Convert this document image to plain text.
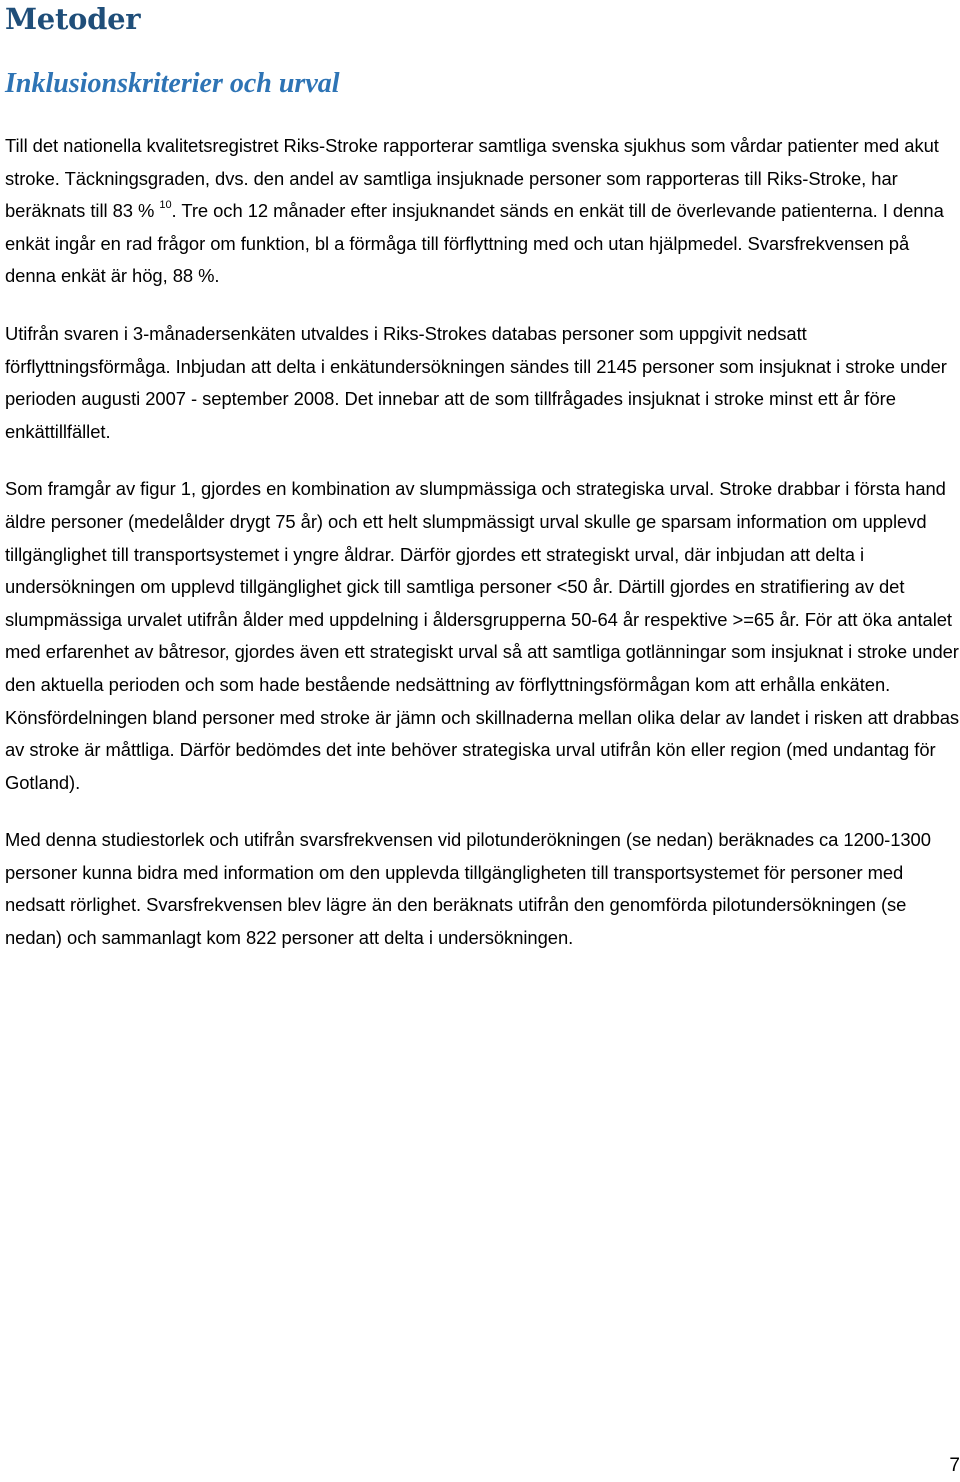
Metoder
Inklusionskriterier och urval

Till det nationella kvalitetsregistret Riks-Stroke rapporterar samtliga svenska sjukhus som vårdar patienter med akut stroke. Täckningsgraden, dvs. den andel av samtliga insjuknade personer som rapporteras till Riks-Stroke, har beräknats till 83 % $^{10}$. Tre och 12 månader efter insjuknandet sänds en enkät till de överlevande patienterna. I denna enkät ingår en rad frågor om funktion, bl a förmåga till förflyttning med och utan hjälpmedel. Svarsfrekvensen på denna enkät är hög, 88 %.

Utifrån svaren i 3-månadersenkäten utvaldes i Riks-Strokes databas personer som uppgivit nedsatt förflyttningsförmåga. Inbjudan att delta i enkätundersökningen sändes till 2145 personer som insjuknat i stroke under perioden augusti 2007 - september 2008. Det innebar att de som tillfrågades insjuknat i stroke minst ett år före enkättillfället.

Som framgår av figur 1, gjordes en kombination av slumpmässiga och strategiska urval. Stroke drabbar i första hand äldre personer (medelålder drygt 75 år) och ett helt slumpmässigt urval skulle ge sparsam information om upplevd tillgänglighet till transportsystemet i yngre åldrar. Därför gjordes ett strategiskt urval, där inbjudan att delta i undersökningen om upplevd tillgänglighet gick till samtliga personer <50 år. Därtill gjordes en stratifiering av det slumpmässiga urvalet utifrån ålder med uppdelning i åldersgrupperna 50-64 år respektive >=65 år. För att öka antalet med erfarenhet av båtresor, gjordes även ett strategiskt urval så att samtliga gotlänningar som insjuknat i stroke under den aktuella perioden och som hade bestående nedsättning av förflyttningsförmågan kom att erhålla enkäten.

Könsfördelningen bland personer med stroke är jämn och skillnaderna mellan olika delar av landet i risken att drabbas av stroke är måttliga. Därför bedömdes det inte behöver strategiska urval utifrån kön eller region (med undantag för Gotland).

Med denna studiestorlek och utifrån svarsfrekvensen vid pilotunderökningen (se nedan) beräknades ca 1200-1300 personer kunna bidra med information om den upplevda tillgängligheten till transportsystemet för personer med nedsatt rörlighet. Svarsfrekvensen blev lägre än den beräknats utifrån den genomförda pilotundersökningen (se nedan) och sammanlagt kom 822 personer att delta i undersökningen.

7
